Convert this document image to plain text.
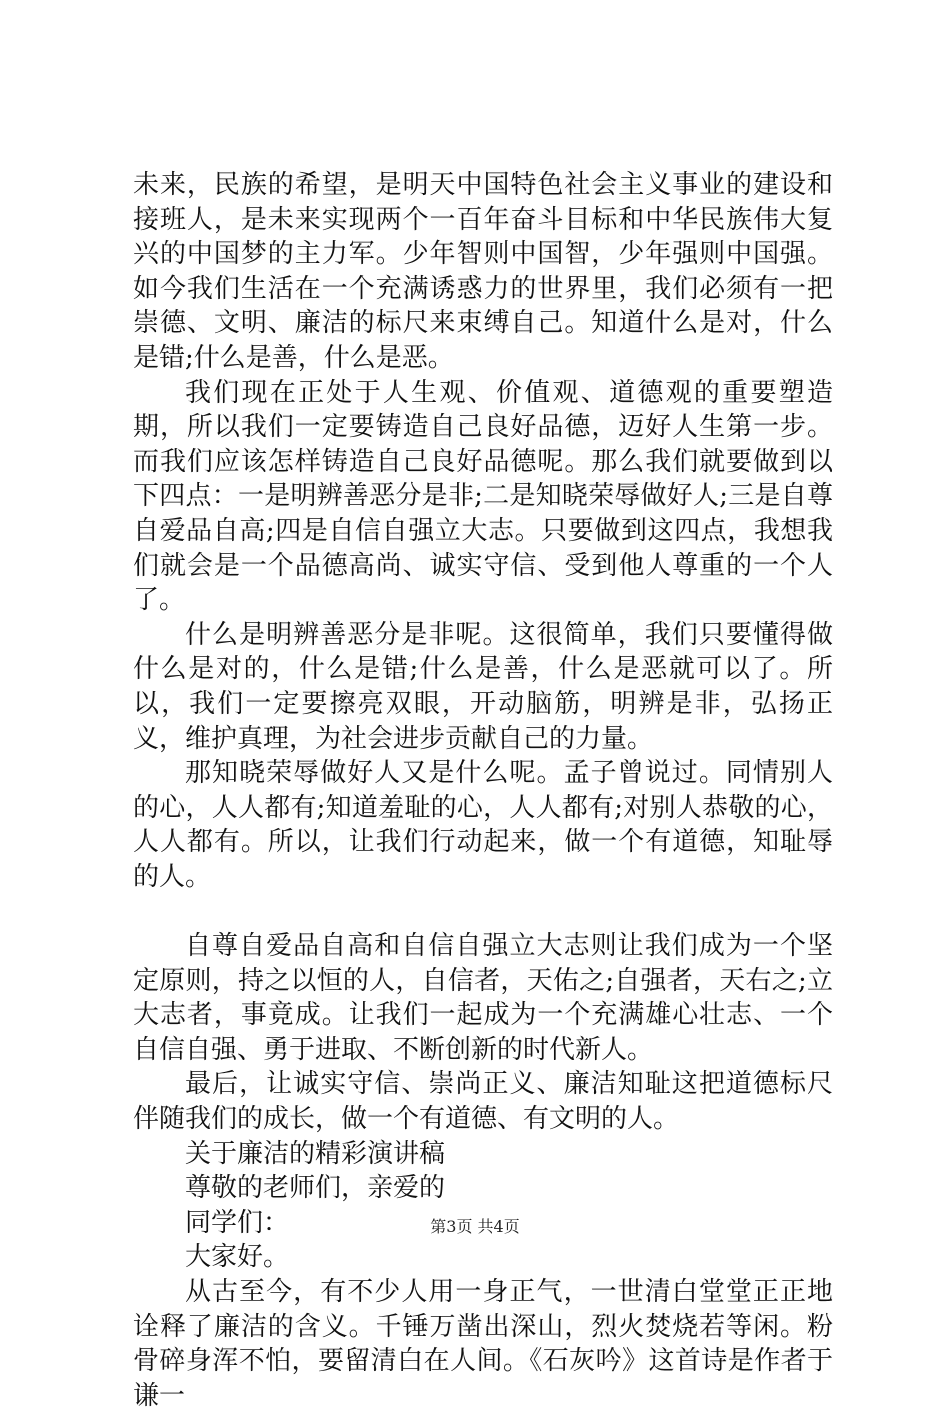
未来，民族的希望，是明天中国特色社会主义事业的建设和接班人，是未来实现两个一百年奋斗目标和中华民族伟大复兴的中国梦的主力军。少年智则中国智，少年强则中国强。如今我们生活在一个充满诱惑力的世界里，我们必须有一把崇德、文明、廉洁的标尺来束缚自己。知道什么是对，什么是错;什么是善，什么是恶。

我们现在正处于人生观、价值观、道德观的重要塑造期，所以我们一定要铸造自己良好品德，迈好人生第一步。而我们应该怎样铸造自己良好品德呢。那么我们就要做到以下四点：一是明辨善恶分是非;二是知晓荣辱做好人;三是自尊自爱品自高;四是自信自强立大志。只要做到这四点，我想我们就会是一个品德高尚、诚实守信、受到他人尊重的一个人了。

什么是明辨善恶分是非呢。这很简单，我们只要懂得做什么是对的，什么是错;什么是善，什么是恶就可以了。所以，我们一定要擦亮双眼，开动脑筋，明辨是非，弘扬正义，维护真理，为社会进步贡献自己的力量。

那知晓荣辱做好人又是什么呢。孟子曾说过。同情别人的心，人人都有;知道羞耻的心，人人都有;对别人恭敬的心，人人都有。所以，让我们行动起来，做一个有道德，知耻辱的人。

自尊自爱品自高和自信自强立大志则让我们成为一个坚定原则，持之以恒的人，自信者，天佑之;自强者，天右之;立大志者，事竟成。让我们一起成为一个充满雄心壮志、一个自信自强、勇于进取、不断创新的时代新人。

最后，让诚实守信、崇尚正义、廉洁知耻这把道德标尺伴随我们的成长，做一个有道德、有文明的人。

关于廉洁的精彩演讲稿

尊敬的老师们，亲爱的

同学们：

大家好。

从古至今，有不少人用一身正气，一世清白堂堂正正地诠释了廉洁的含义。千锤万凿出深山，烈火焚烧若等闲。粉骨碎身浑不怕，要留清白在人间。《石灰吟》这首诗是作者于谦一

第3页 共4页
